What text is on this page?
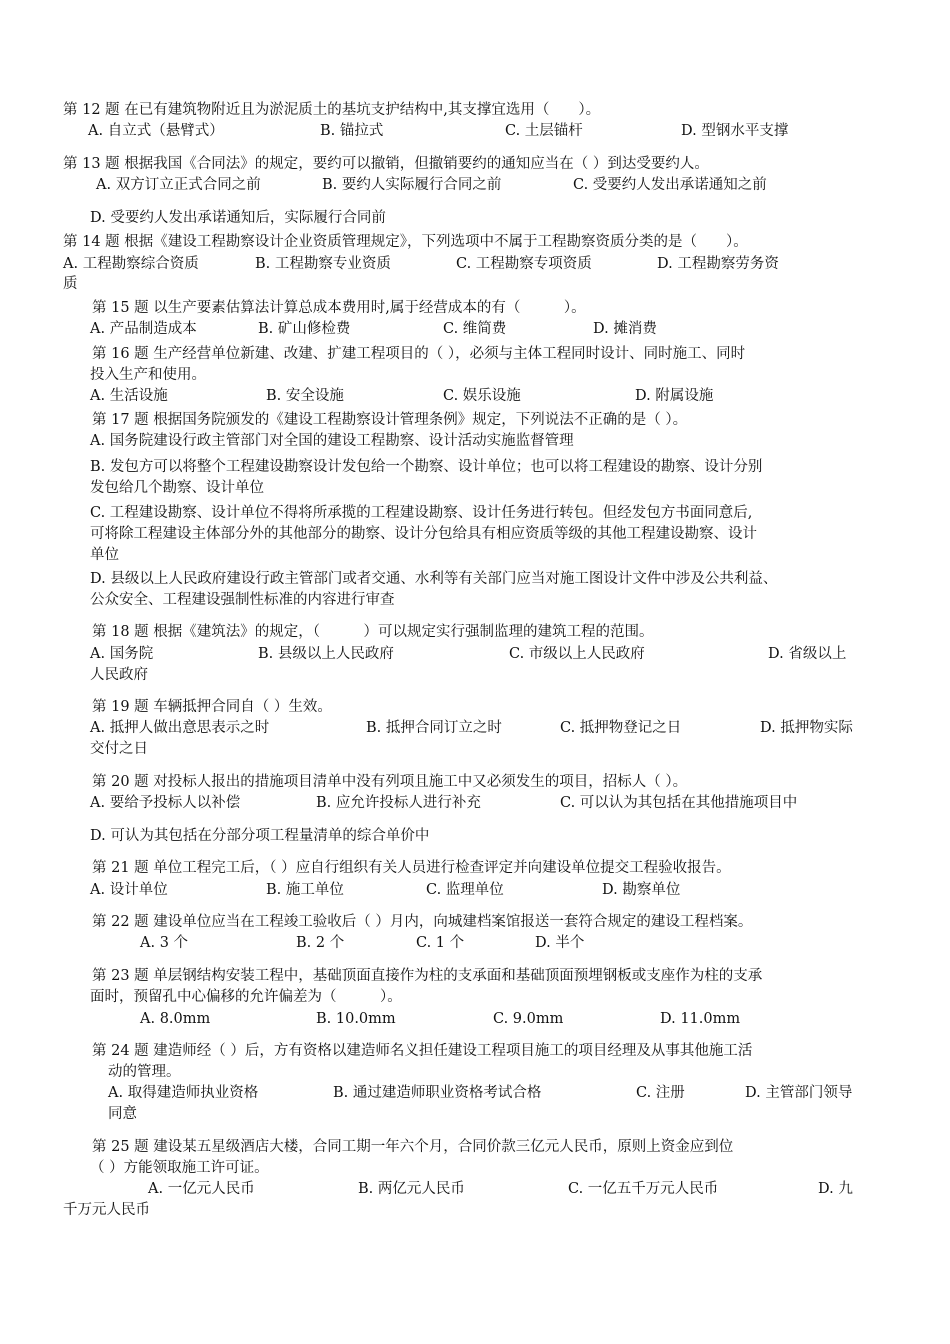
第 12 题 在已有建筑物附近且为淤泥质土的基坑支护结构中,其支撑宜选用（　　）。
A. 自立式（悬臂式）	B. 锚拉式	C. 土层锚杆	D. 型钢水平支撑
第 13 题 根据我国《合同法》的规定，要约可以撤销，但撤销要约的通知应当在（ ）到达受要约人。
A. 双方订立正式合同之前	B. 要约人实际履行合同之前	C. 受要约人发出承诺通知之前
D. 受要约人发出承诺通知后，实际履行合同前
第 14 题 根据《建设工程勘察设计企业资质管理规定》，下列选项中不属于工程勘察资质分类的是（　　）。
A. 工程勘察综合资质	B. 工程勘察专业资质	C. 工程勘察专项资质	D. 工程勘察劳务资
质
第 15 题 以生产要素估算法计算总成本费用时,属于经营成本的有（　　　）。
A. 产品制造成本	B. 矿山修检费	C. 维简费	D. 摊消费
第 16 题 生产经营单位新建、改建、扩建工程项目的（ ），必须与主体工程同时设计、同时施工、同时
投入生产和使用。
A. 生活设施	B. 安全设施	C. 娱乐设施	D. 附属设施
第 17 题 根据国务院颁发的《建设工程勘察设计管理条例》规定，下列说法不正确的是（ ）。
A. 国务院建设行政主管部门对全国的建设工程勘察、设计活动实施监督管理
B. 发包方可以将整个工程建设勘察设计发包给一个勘察、设计单位；也可以将工程建设的勘察、设计分别
发包给几个勘察、设计单位
C. 工程建设勘察、设计单位不得将所承揽的工程建设勘察、设计任务进行转包。但经发包方书面同意后,
可将除工程建设主体部分外的其他部分的勘察、设计分包给具有相应资质等级的其他工程建设勘察、设计
单位
D. 县级以上人民政府建设行政主管部门或者交通、水利等有关部门应当对施工图设计文件中涉及公共利益、
公众安全、工程建设强制性标准的内容进行审查
第 18 题 根据《建筑法》的规定，（　　　）可以规定实行强制监理的建筑工程的范围。
A. 国务院	B. 县级以上人民政府	C. 市级以上人民政府	D. 省级以上
人民政府
第 19 题 车辆抵押合同自（ ）生效。
A. 抵押人做出意思表示之时	B. 抵押合同订立之时	C. 抵押物登记之日	D. 抵押物实际
交付之日
第 20 题 对投标人报出的措施项目清单中没有列项且施工中又必须发生的项目，招标人（ ）。
A. 要给予投标人以补偿	B. 应允许投标人进行补充	C. 可以认为其包括在其他措施项目中
D. 可认为其包括在分部分项工程量清单的综合单价中
第 21 题 单位工程完工后，（ ）应自行组织有关人员进行检查评定并向建设单位提交工程验收报告。
A. 设计单位	B. 施工单位	C. 监理单位	D. 勘察单位
第 22 题 建设单位应当在工程竣工验收后（ ）月内，向城建档案馆报送一套符合规定的建设工程档案。
A. 3 个	B. 2 个	C. 1 个	D. 半个
第 23 题 单层钢结构安装工程中，基础顶面直接作为柱的支承面和基础顶面预埋钢板或支座作为柱的支承
面时，预留孔中心偏移的允许偏差为（　　　）。
A. 8.0mm	B. 10.0mm	C. 9.0mm	D. 11.0mm
第 24 题 建造师经（ ）后，方有资格以建造师名义担任建设工程项目施工的项目经理及从事其他施工活
动的管理。
A. 取得建造师执业资格	B. 通过建造师职业资格考试合格	C. 注册	D. 主管部门领导
同意
第 25 题 建设某五星级酒店大楼，合同工期一年六个月，合同价款三亿元人民币，原则上资金应到位
（ ）方能领取施工许可证。
A. 一亿元人民币	B. 两亿元人民币	C. 一亿五千万元人民币	D. 九
千万元人民币
